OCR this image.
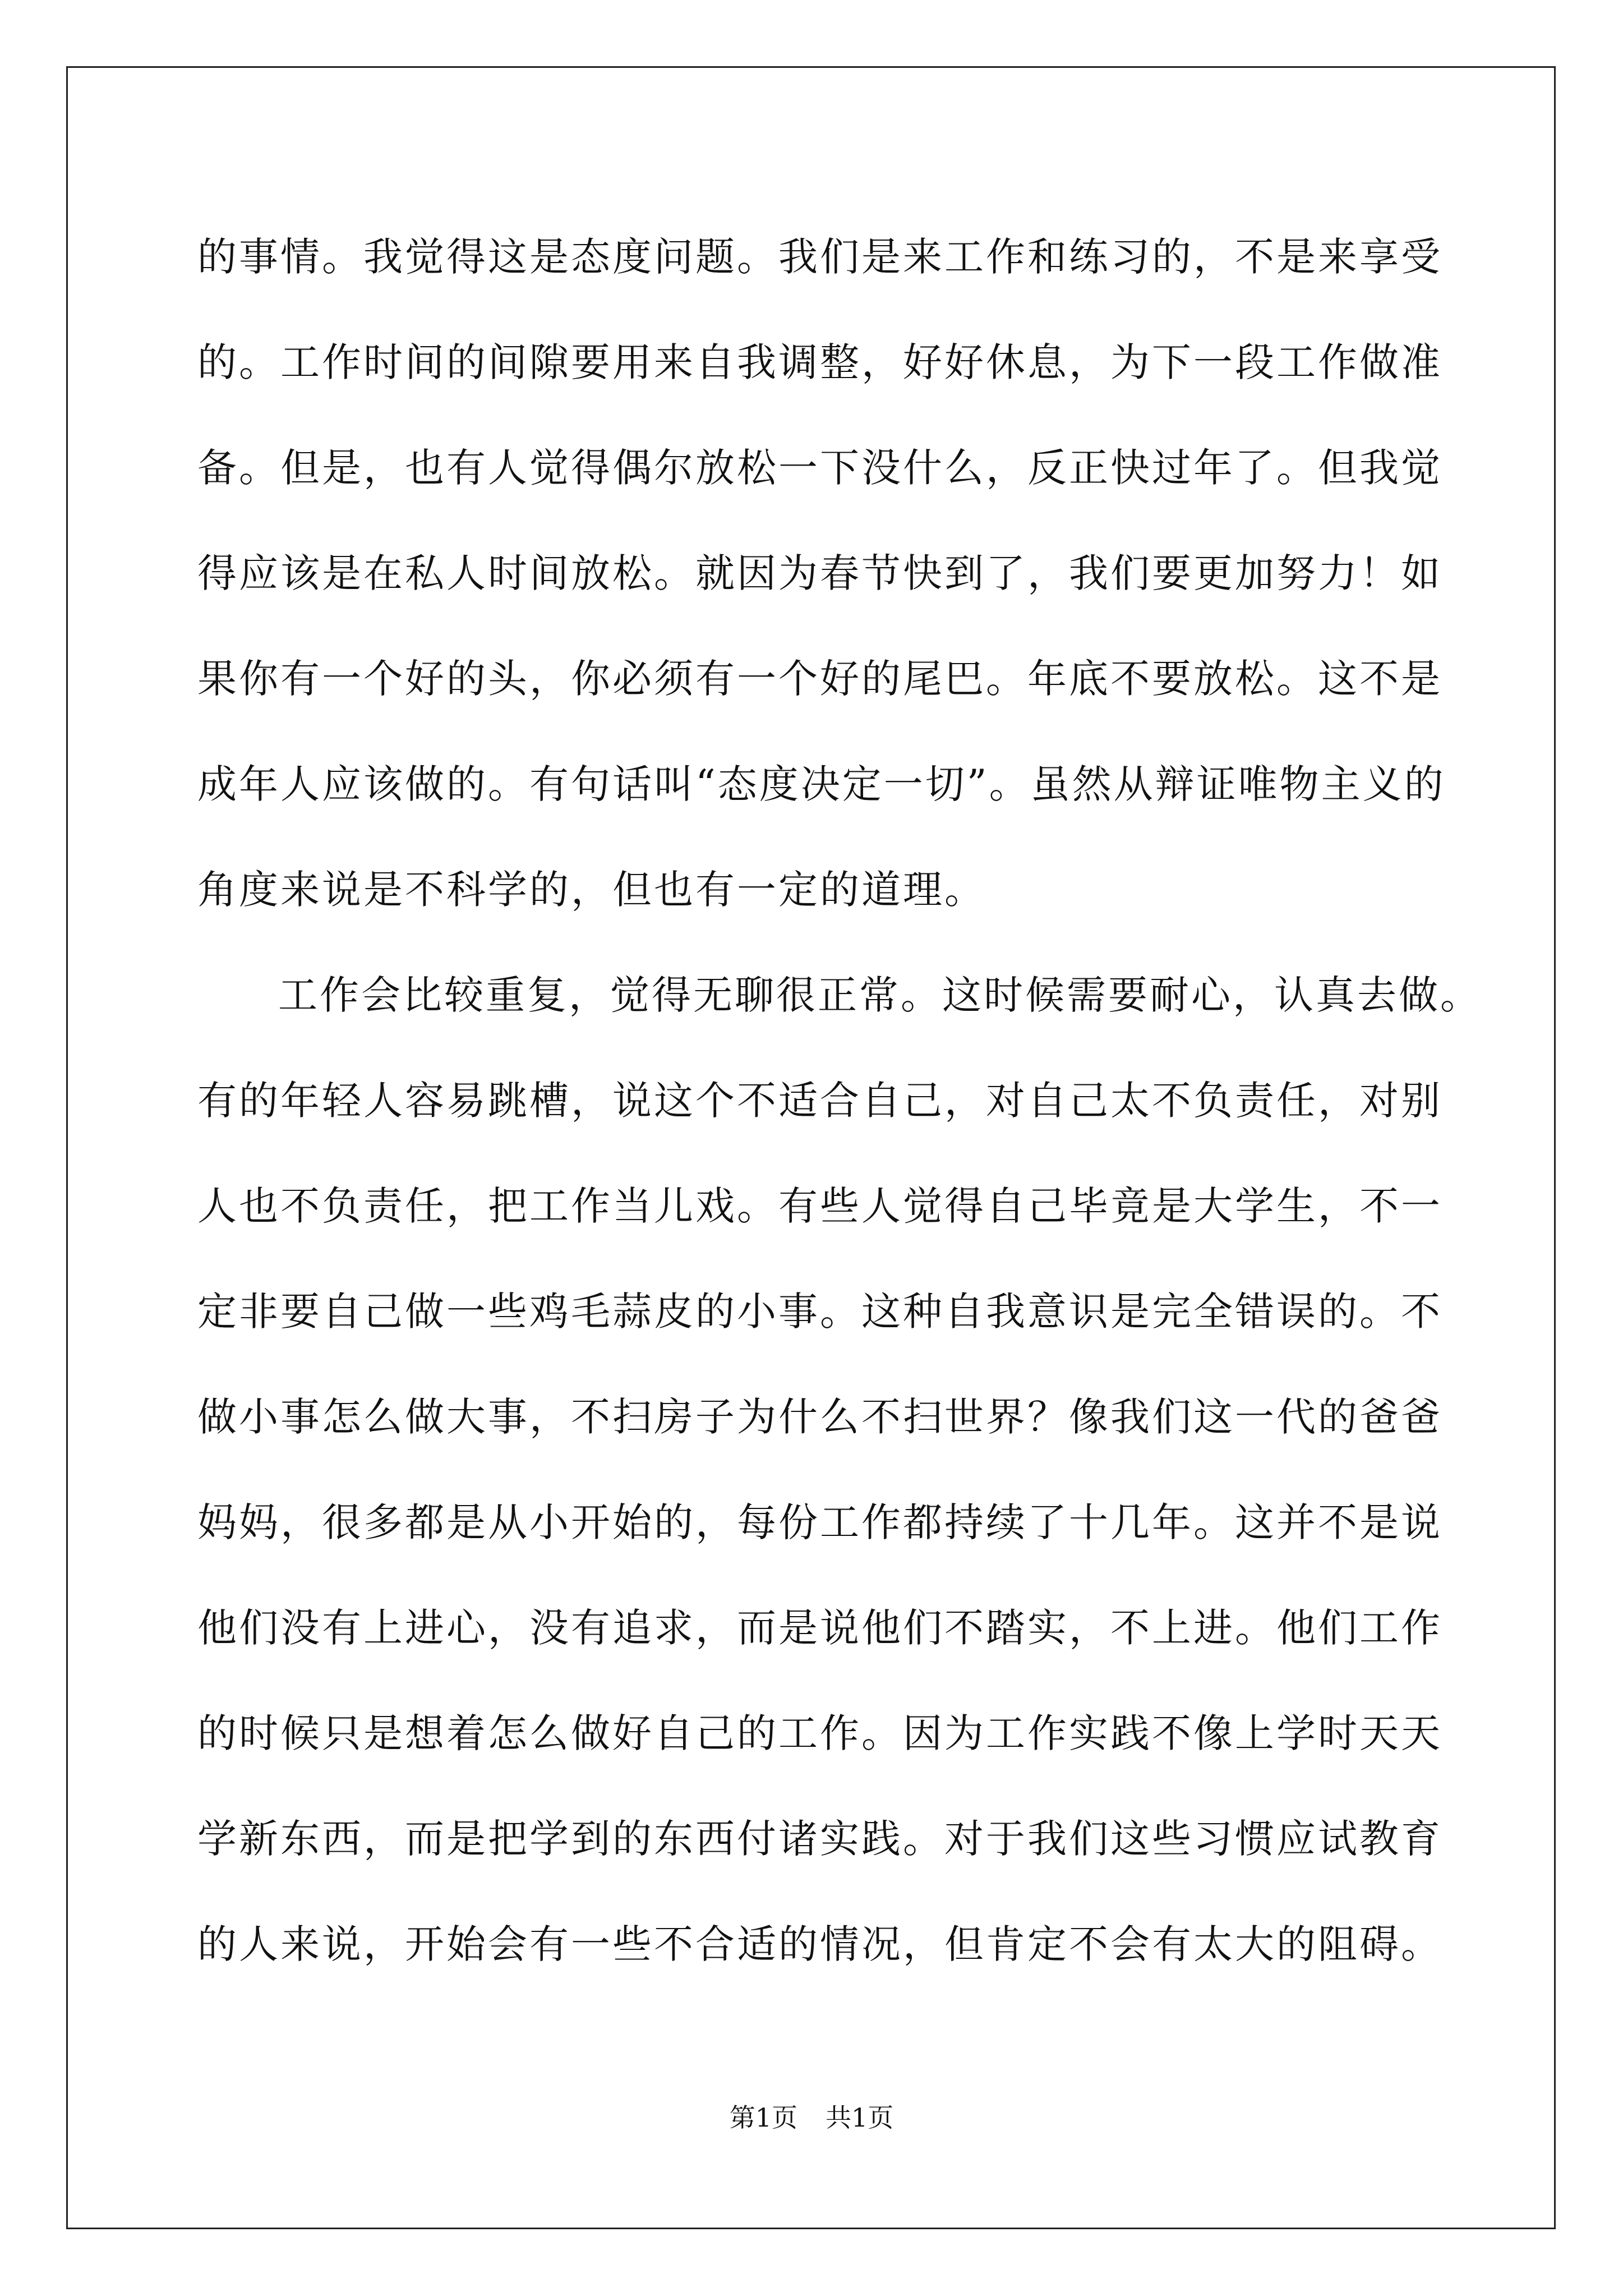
的事情。我觉得这是态度问题。我们是来工作和练习的，不是来享受
的。工作时间的间隙要用来自我调整，好好休息，为下一段工作做准
备。但是，也有人觉得偶尔放松一下没什么，反正快过年了。但我觉
得应该是在私人时间放松。就因为春节快到了，我们要更加努力！如
果你有一个好的头，你必须有一个好的尾巴。年底不要放松。这不是
成年人应该做的。有句话叫“态度决定一切”。虽然从辩证唯物主义的
角度来说是不科学的，但也有一定的道理。

工作会比较重复，觉得无聊很正常。这时候需要耐心，认真去做。
有的年轻人容易跳槽，说这个不适合自己，对自己太不负责任，对别
人也不负责任，把工作当儿戏。有些人觉得自己毕竟是大学生，不一
定非要自己做一些鸡毛蒜皮的小事。这种自我意识是完全错误的。不
做小事怎么做大事，不扫房子为什么不扫世界？像我们这一代的爸爸
妈妈，很多都是从小开始的，每份工作都持续了十几年。这并不是说
他们没有上进心，没有追求，而是说他们不踏实，不上进。他们工作
的时候只是想着怎么做好自己的工作。因为工作实践不像上学时天天
学新东西，而是把学到的东西付诸实践。对于我们这些习惯应试教育
的人来说，开始会有一些不合适的情况，但肯定不会有太大的阻碍。

第1页 共1页
